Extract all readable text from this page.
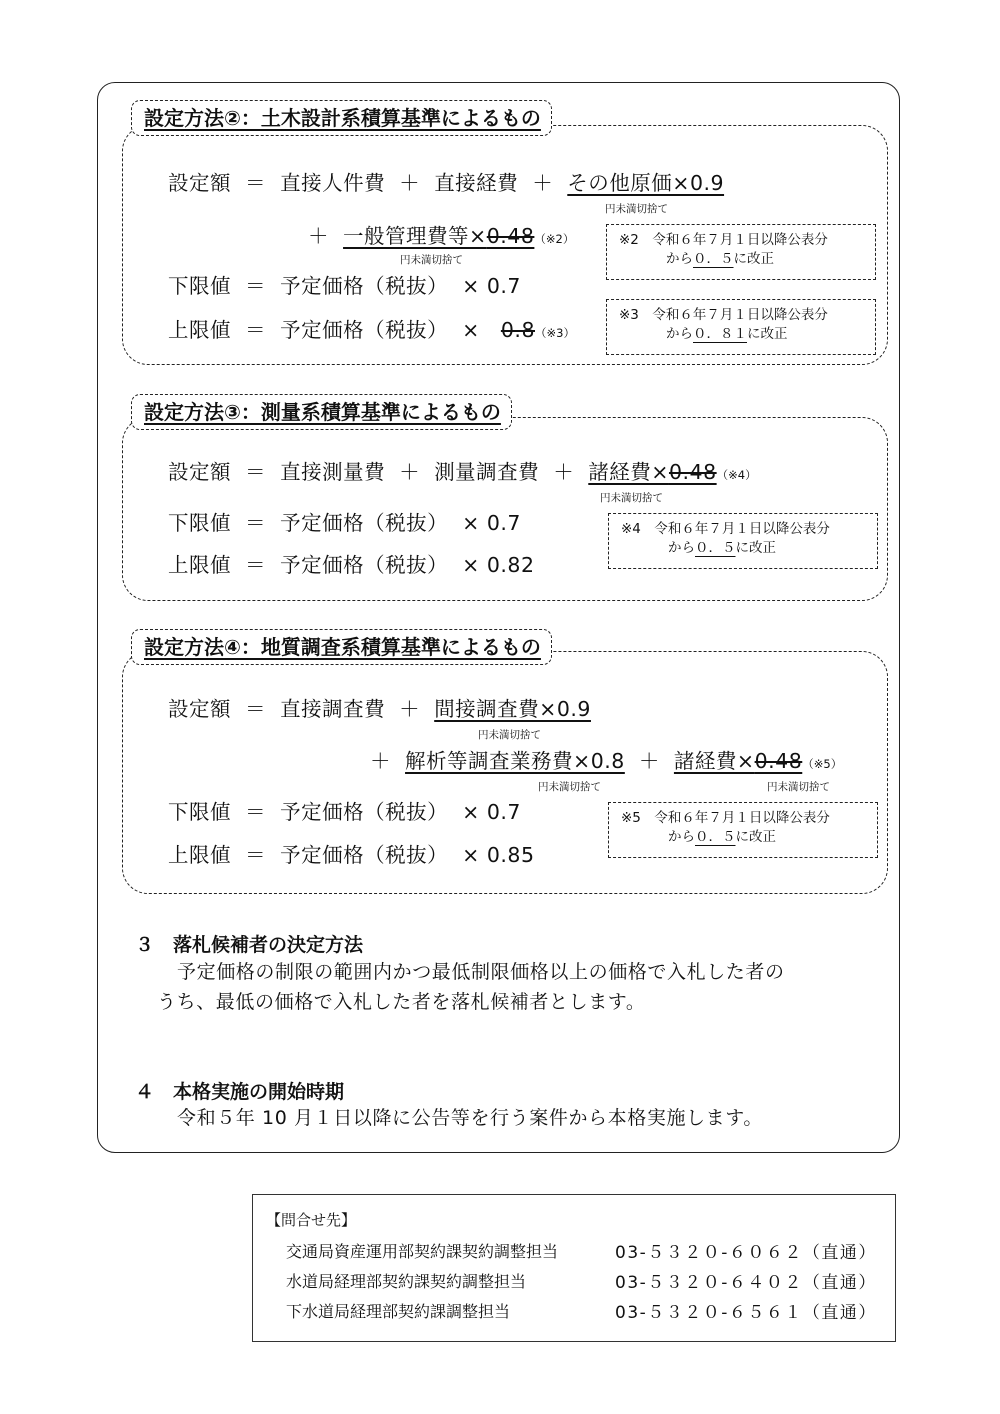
設定方法②：土木設計系積算基準によるもの
設定額 ＝ 直接人件費 ＋ 直接経費 ＋ その他原価×0.9
円未満切捨て
＋ 一般管理費等×0.48（※2）
円未満切捨て
下限値 ＝ 予定価格（税抜） × 0.7
上限値 ＝ 予定価格（税抜） × 0.8（※3）
※2　令和６年７月１日以降公表分
から０．５に改正
※3　令和６年７月１日以降公表分
から０．８１に改正
設定方法③：測量系積算基準によるもの
設定額 ＝ 直接測量費 ＋ 測量調査費 ＋ 諸経費×0.48（※4）
円未満切捨て
下限値 ＝ 予定価格（税抜） × 0.7
上限値 ＝ 予定価格（税抜） × 0.82
※4　令和６年７月１日以降公表分
から０．５に改正
設定方法④：地質調査系積算基準によるもの
設定額 ＝ 直接調査費 ＋ 間接調査費×0.9
円未満切捨て
＋ 解析等調査業務費×0.8 ＋ 諸経費×0.48（※5）
円未満切捨て	円未満切捨て
下限値 ＝ 予定価格（税抜） × 0.7
上限値 ＝ 予定価格（税抜） × 0.85
※5　令和６年７月１日以降公表分
から０．５に改正
３　落札候補者の決定方法
予定価格の制限の範囲内かつ最低制限価格以上の価格で入札した者の
うち、最低の価格で入札した者を落札候補者とします。
４　本格実施の開始時期
令和５年 10 月１日以降に公告等を行う案件から本格実施します。
【問合せ先】
交通局資産運用部契約課契約調整担当	03-５３２０-６０６２（直通）
水道局経理部契約課契約調整担当	03-５３２０-６４０２（直通）
下水道局経理部契約課調整担当	03-５３２０-６５６１（直通）
